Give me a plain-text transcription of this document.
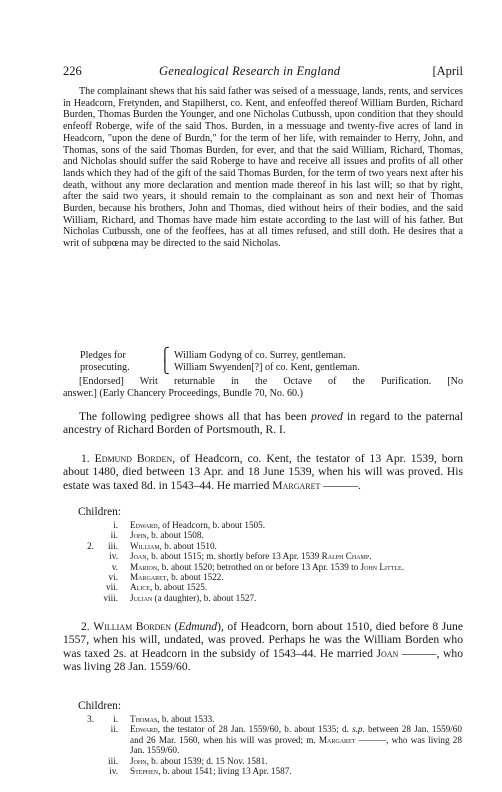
226	Genealogical Research in England	[April
The complainant shews that his said father was seised of a messuage, lands, rents, and services in Headcorn, Fretynden, and Stapilherst, co. Kent, and enfeoffed thereof William Burden, Richard Burden, Thomas Burden the Younger, and one Nicholas Cutbussh, upon condition that they should enfeoff Roberge, wife of the said Thos. Burden, in a messuage and twenty-five acres of land in Headcorn, "upon the dene of Burdn," for the term of her life, with remainder to Herry, John, and Thomas, sons of the said Thomas Burden, for ever, and that the said William, Richard, Thomas, and Nicholas should suffer the said Roberge to have and receive all issues and profits of all other lands which they had of the gift of the said Thomas Burden, for the term of two years next after his death, without any more declaration and mention made thereof in his last will; so that by right, after the said two years, it should remain to the complainant as son and next heir of Thomas Burden, because his brothers, John and Thomas, died without heirs of their bodies, and the said William, Richard, and Thomas have made him estate according to the last will of his father. But Nicholas Cutbussh, one of the feoffees, has at all times refused, and still doth. He desires that a writ of subpœna may be directed to the said Nicholas.
Pledges for	⎧ William Godyng of co. Surrey, gentleman.
prosecuting.	⎩ William Swyenden[?] of co. Kent, gentleman.
[Endorsed] Writ returnable in the Octave of the Purification. [No
answer.] (Early Chancery Proceedings, Bundle 70, No. 60.)
The following pedigree shows all that has been proved in regard to the paternal ancestry of Richard Borden of Portsmouth, R. I.
1. Edmund Borden, of Headcorn, co. Kent, the testator of 13 Apr. 1539, born about 1480, died between 13 Apr. and 18 June 1539, when his will was proved. His estate was taxed 8d. in 1543–44. He married Margaret ———.
Children:
i. Edward, of Headcorn, b. about 1505.
ii. John, b. about 1508.
2.	iii. William, b. about 1510.
iv. Joan, b. about 1515; m. shortly before 13 Apr. 1539 Ralph Champ.
v. Marion, b. about 1520; betrothed on or before 13 Apr. 1539 to John Little.
vi. Margaret, b. about 1522.
vii. Alice, b. about 1525.
viii. Julian (a daughter), b. about 1527.
2. William Borden (Edmund), of Headcorn, born about 1510, died before 8 June 1557, when his will, undated, was proved. Perhaps he was the William Borden who was taxed 2s. at Headcorn in the subsidy of 1543–44. He married Joan ———, who was living 28 Jan. 1559/60.
Children:
3.	i. Thomas, b. about 1533.
ii. Edward, the testator of 28 Jan. 1559/60, b. about 1535; d. s.p. between 28 Jan. 1559/60 and 26 Mar. 1560, when his will was proved; m. Margaret ———, who was living 28 Jan. 1559/60.
iii. John, b. about 1539; d. 15 Nov. 1581.
iv. Stephen, b. about 1541; living 13 Apr. 1587.
